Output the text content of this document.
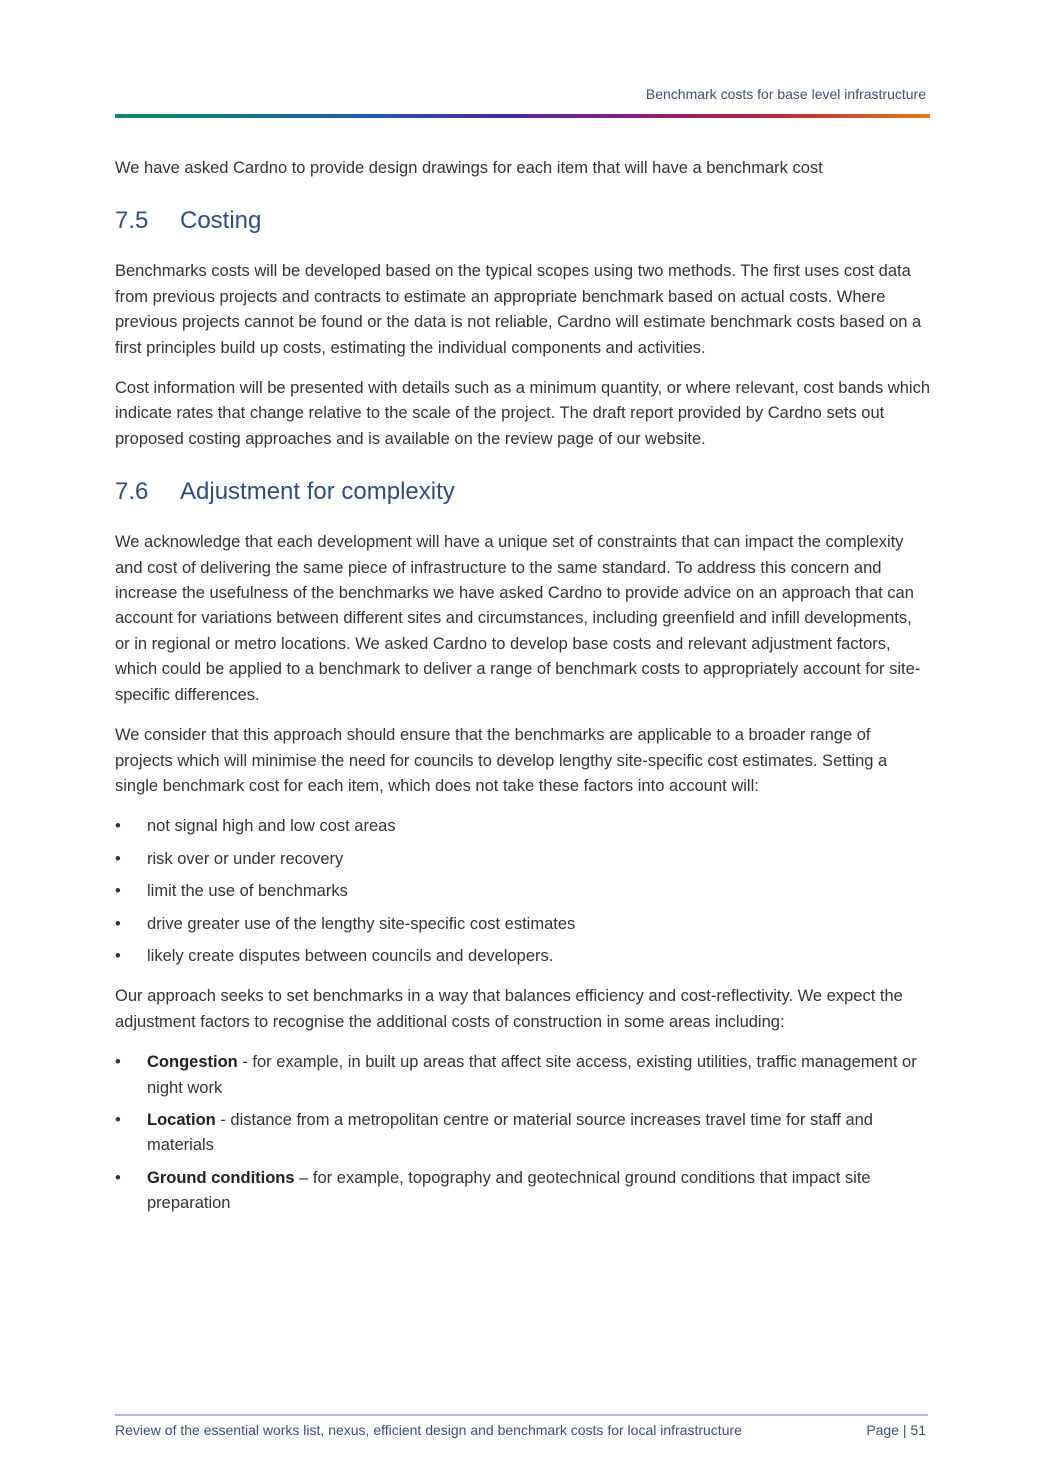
Benchmark costs for base level infrastructure

We have asked Cardno to provide design drawings for each item that will have a benchmark cost

7.5	Costing

Benchmarks costs will be developed based on the typical scopes using two methods. The first uses cost data from previous projects and contracts to estimate an appropriate benchmark based on actual costs. Where previous projects cannot be found or the data is not reliable, Cardno will estimate benchmark costs based on a first principles build up costs, estimating the individual components and activities.

Cost information will be presented with details such as a minimum quantity, or where relevant, cost bands which indicate rates that change relative to the scale of the project. The draft report provided by Cardno sets out proposed costing approaches and is available on the review page of our website.

7.6	Adjustment for complexity

We acknowledge that each development will have a unique set of constraints that can impact the complexity and cost of delivering the same piece of infrastructure to the same standard. To address this concern and increase the usefulness of the benchmarks we have asked Cardno to provide advice on an approach that can account for variations between different sites and circumstances, including greenfield and infill developments, or in regional or metro locations. We asked Cardno to develop base costs and relevant adjustment factors, which could be applied to a benchmark to deliver a range of benchmark costs to appropriately account for site-specific differences.

We consider that this approach should ensure that the benchmarks are applicable to a broader range of projects which will minimise the need for councils to develop lengthy site-specific cost estimates. Setting a single benchmark cost for each item, which does not take these factors into account will:

• not signal high and low cost areas
• risk over or under recovery
• limit the use of benchmarks
• drive greater use of the lengthy site-specific cost estimates
• likely create disputes between councils and developers.

Our approach seeks to set benchmarks in a way that balances efficiency and cost-reflectivity. We expect the adjustment factors to recognise the additional costs of construction in some areas including:

• Congestion - for example, in built up areas that affect site access, existing utilities, traffic management or night work
• Location - distance from a metropolitan centre or material source increases travel time for staff and materials
• Ground conditions – for example, topography and geotechnical ground conditions that impact site preparation
Review of the essential works list, nexus, efficient design and benchmark costs for local infrastructure	Page | 51
